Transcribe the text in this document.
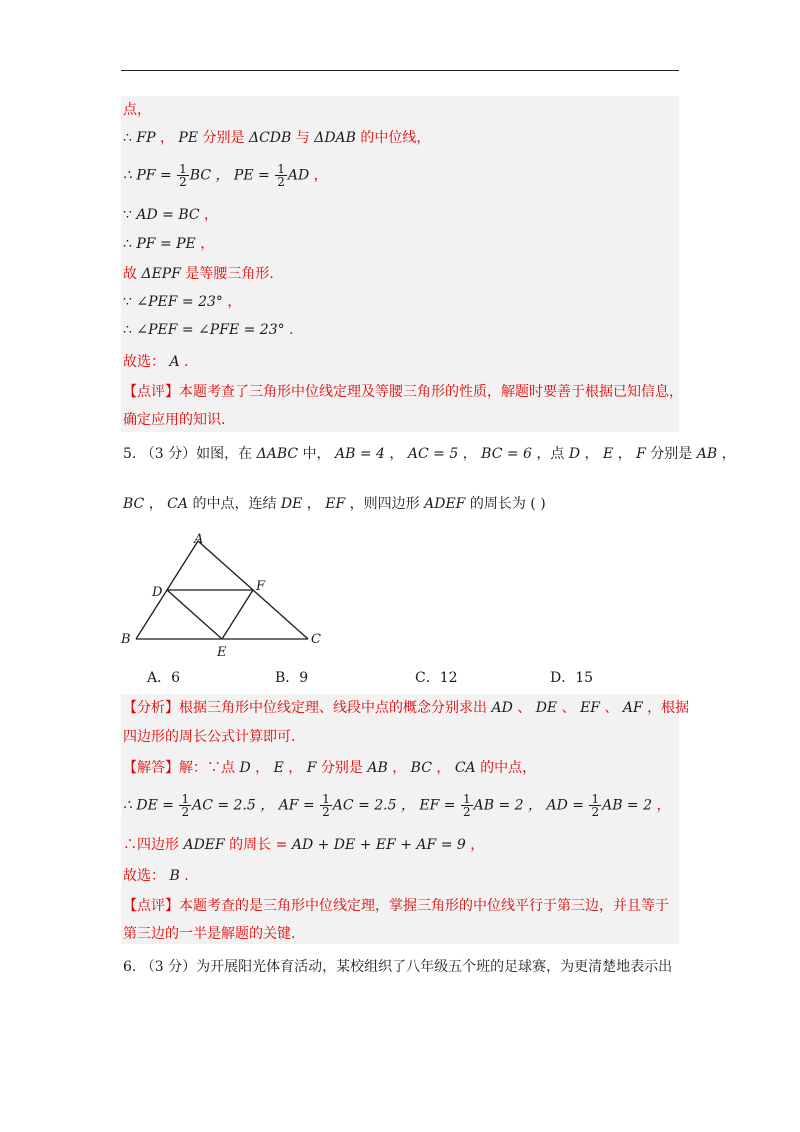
点，
∴ FP ， PE 分别是 ΔCDB 与 ΔDAB 的中位线，
∴ PF = $\frac{1}{2}$ BC ， PE = $\frac{1}{2}$ AD ，
∵ AD = BC ，
∴ PF = PE ，
故 ΔEPF 是等腰三角形.
∵ ∠PEF = 23° ，
∴ ∠PEF = ∠PFE = 23° .
故选： A .
【点评】本题考查了三角形中位线定理及等腰三角形的性质，解题时要善于根据已知信息，
确定应用的知识.
5. （3 分）如图，在 ΔABC 中， AB = 4 ， AC = 5 ， BC = 6 ，点 D ， E ， F 分别是 AB ，
BC ， CA 的中点，连结 DE ， EF ，则四边形 ADEF 的周长为 ( )
A
D	F
B	C
E
A．6	B．9	C．12	D．15
【分析】根据三角形中位线定理、线段中点的概念分别求出 AD 、 DE 、 EF 、 AF ，根据
四边形的周长公式计算即可.
【解答】解：∵点 D ， E ， F 分别是 AB ， BC ， CA 的中点，
∴ DE = $\frac{1}{2}$ AC = 2.5 ， AF = $\frac{1}{2}$ AC = 2.5 ， EF = $\frac{1}{2}$ AB = 2 ， AD = $\frac{1}{2}$ AB = 2 ，
∴四边形 ADEF 的周长 = AD + DE + EF + AF = 9 ，
故选： B .
【点评】本题考查的是三角形中位线定理，掌握三角形的中位线平行于第三边，并且等于
第三边的一半是解题的关键.
6. （3 分）为开展阳光体育活动，某校组织了八年级五个班的足球赛，为更清楚地表示出
